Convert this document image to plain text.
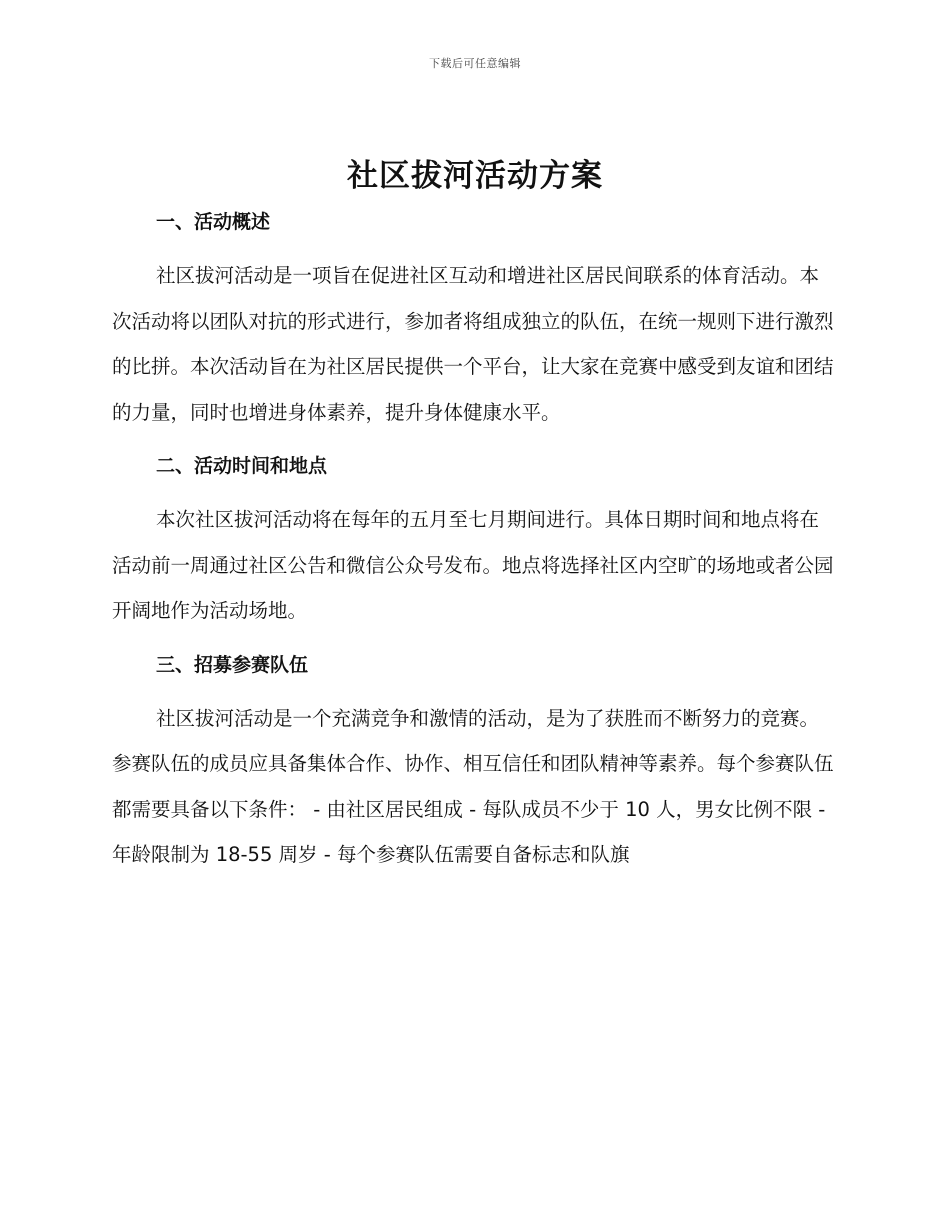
下载后可任意编辑
社区拔河活动方案
一、活动概述

社区拔河活动是一项旨在促进社区互动和增进社区居民间联系的体育活动。本次活动将以团队对抗的形式进行，参加者将组成独立的队伍，在统一规则下进行激烈的比拼。本次活动旨在为社区居民提供一个平台，让大家在竞赛中感受到友谊和团结的力量，同时也增进身体素养，提升身体健康水平。

二、活动时间和地点

本次社区拔河活动将在每年的五月至七月期间进行。具体日期时间和地点将在活动前一周通过社区公告和微信公众号发布。地点将选择社区内空旷的场地或者公园开阔地作为活动场地。

三、招募参赛队伍

社区拔河活动是一个充满竞争和激情的活动，是为了获胜而不断努力的竞赛。参赛队伍的成员应具备集体合作、协作、相互信任和团队精神等素养。每个参赛队伍都需要具备以下条件： - 由社区居民组成 - 每队成员不少于 10 人，男女比例不限 - 年龄限制为 18-55 周岁 - 每个参赛队伍需要自备标志和队旗
